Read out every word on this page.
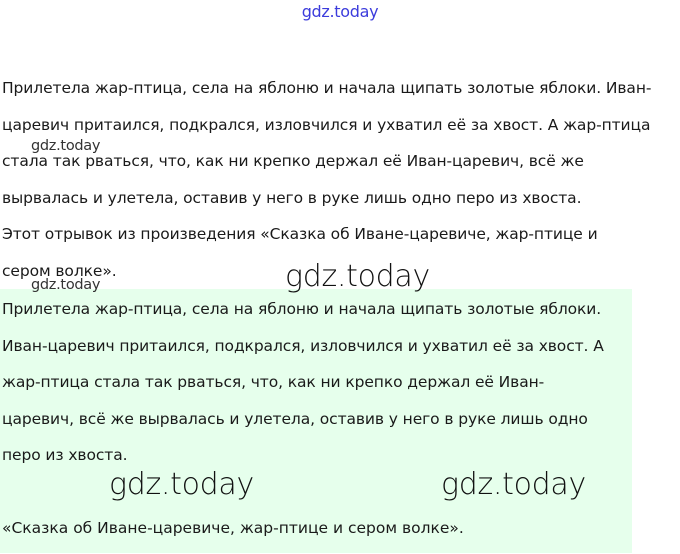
gdz.today
Прилетела жар-птица, села на яблоню и начала щипать золотые яблоки. Иван-
царевич притаился, подкрался, изловчился и ухватил её за хвост. А жар-птица
стала так рваться, что, как ни крепко держал её Иван-царевич, всё же
вырвалась и улетела, оставив у него в руке лишь одно перо из хвоста.
Этот отрывок из произведения «Сказка об Иване-царевиче, жар-птице и
сером волке».
Прилетела жар-птица, села на яблоню и начала щипать золотые яблоки.
Иван-царевич притаился, подкрался, изловчился и ухватил её за хвост. А
жар-птица стала так рваться, что, как ни крепко держал её Иван-
царевич, всё же вырвалась и улетела, оставив у него в руке лишь одно
перо из хвоста.
«Сказка об Иване-царевиче, жар-птице и сером волке».
gdz.today
gdz.today	gdz.today
gdz.today	gdz.today
